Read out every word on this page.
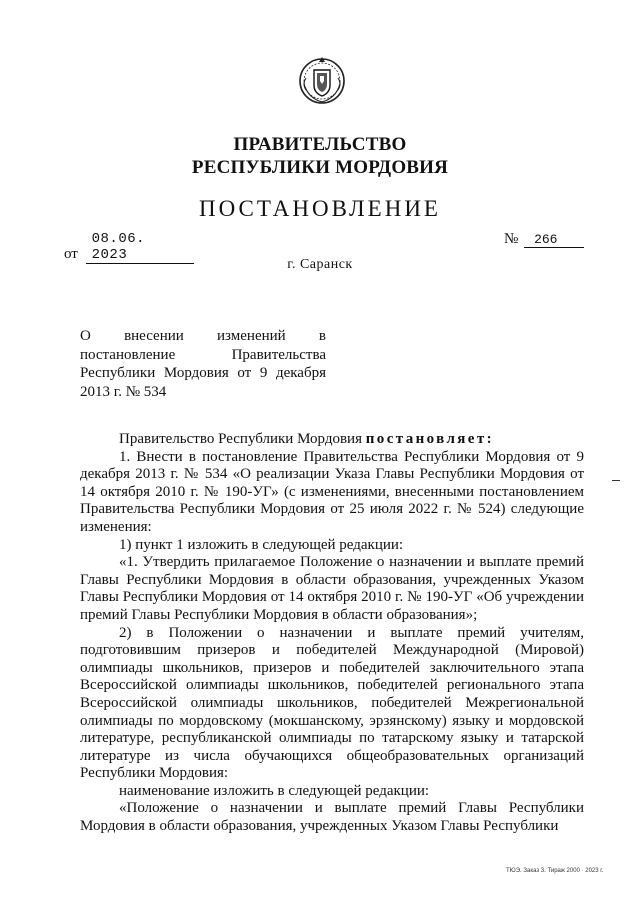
ПРАВИТЕЛЬСТВО
РЕСПУБЛИКИ МОРДОВИЯ
ПОСТАНОВЛЕНИЕ
от 08.06. 2023
№ 266
г. Саранск
О внесении изменений в
постановление Правительства
Республики Мордовия от 9 декабря
2013 г. № 534

Правительство Республики Мордовия постановляет:

1. Внести в постановление Правительства Республики Мордовия от 9 декабря 2013 г. № 534 «О реализации Указа Главы Республики Мордовия от 14 октября 2010 г. № 190-УГ» (с изменениями, внесенными постановлением Правительства Республики Мордовия от 25 июля 2022 г. № 524) следующие изменения:

1) пункт 1 изложить в следующей редакции:

«1. Утвердить прилагаемое Положение о назначении и выплате премий Главы Республики Мордовия в области образования, учрежденных Указом Главы Республики Мордовия от 14 октября 2010 г. № 190-УГ «Об учреждении премий Главы Республики Мордовия в области образования»;

2) в Положении о назначении и выплате премий учителям, подготовившим призеров и победителей Международной (Мировой) олимпиады школьников, призеров и победителей заключительного этапа Всероссийской олимпиады школьников, победителей регионального этапа Всероссийской олимпиады школьников, победителей Межрегиональной олимпиады по мордовскому (мокшанскому, эрзянскому) языку и мордовской литературе, республиканской олимпиады по татарскому языку и татарской литературе из числа обучающихся общеобразовательных организаций Республики Мордовия:

наименование изложить в следующей редакции:

«Положение о назначении и выплате премий Главы Республики Мордовия в области образования, учрежденных Указом Главы Республики

ТЮЭ. Заказ 3. Тираж 2000 · 2023 г.
